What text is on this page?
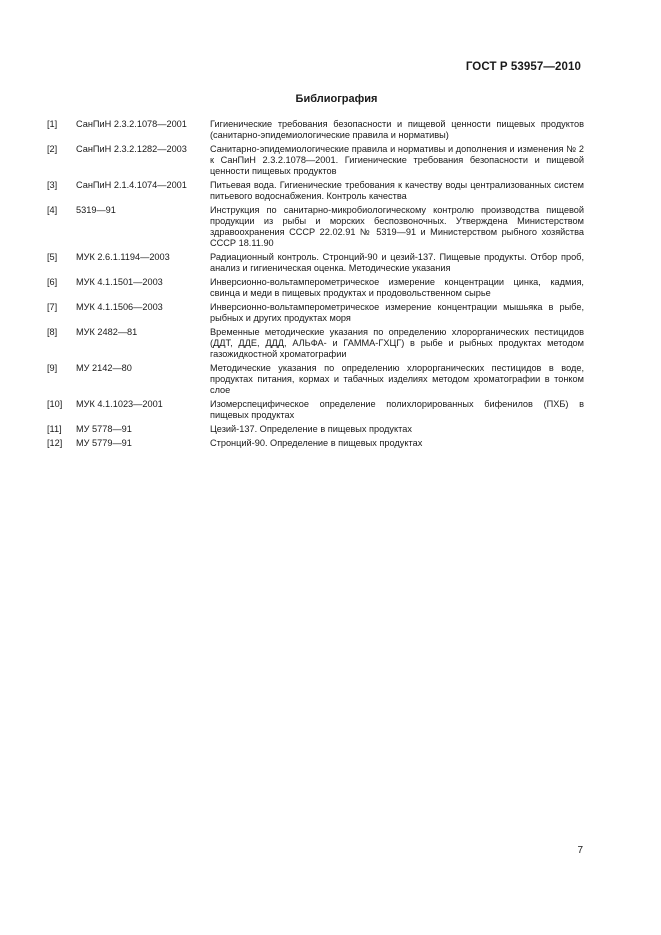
ГОСТ Р 53957—2010
Библиография
[1]	СанПиН 2.3.2.1078—2001	Гигиенические требования безопасности и пищевой ценности пищевых продуктов (санитарно-эпидемиологические правила и нормативы)
[2]	СанПиН 2.3.2.1282—2003	Санитарно-эпидемиологические правила и нормативы и дополнения и изменения № 2 к СанПиН 2.3.2.1078—2001. Гигиенические требования безопасности и пищевой ценности пищевых продуктов
[3]	СанПиН 2.1.4.1074—2001	Питьевая вода. Гигиенические требования к качеству воды централизованных систем питьевого водоснабжения. Контроль качества
[4]	5319—91	Инструкция по санитарно-микробиологическому контролю производства пищевой продукции из рыбы и морских беспозвоночных. Утверждена Министерством здравоохранения СССР 22.02.91 № 5319—91 и Министерством рыбного хозяйства СССР 18.11.90
[5]	МУК 2.6.1.1194—2003	Радиационный контроль. Стронций-90 и цезий-137. Пищевые продукты. Отбор проб, анализ и гигиеническая оценка. Методические указания
[6]	МУК 4.1.1501—2003	Инверсионно-вольтамперометрическое измерение концентрации цинка, кадмия, свинца и меди в пищевых продуктах и продовольственном сырье
[7]	МУК 4.1.1506—2003	Инверсионно-вольтамперометрическое измерение концентрации мышьяка в рыбе, рыбных и других продуктах моря
[8]	МУК 2482—81	Временные методические указания по определению хлорорганических пестицидов (ДДТ, ДДЕ, ДДД, АЛЬФА- и ГАММА-ГХЦГ) в рыбе и рыбных продуктах методом газожидкостной хроматографии
[9]	МУ 2142—80	Методические указания по определению хлорорганических пестицидов в воде, продуктах питания, кормах и табачных изделиях методом хроматографии в тонком слое
[10]	МУК 4.1.1023—2001	Изомерспецифическое определение полихлорированных бифенилов (ПХБ) в пищевых продуктах
[11]	МУ 5778—91	Цезий-137. Определение в пищевых продуктах
[12]	МУ 5779—91	Стронций-90. Определение в пищевых продуктах
7
